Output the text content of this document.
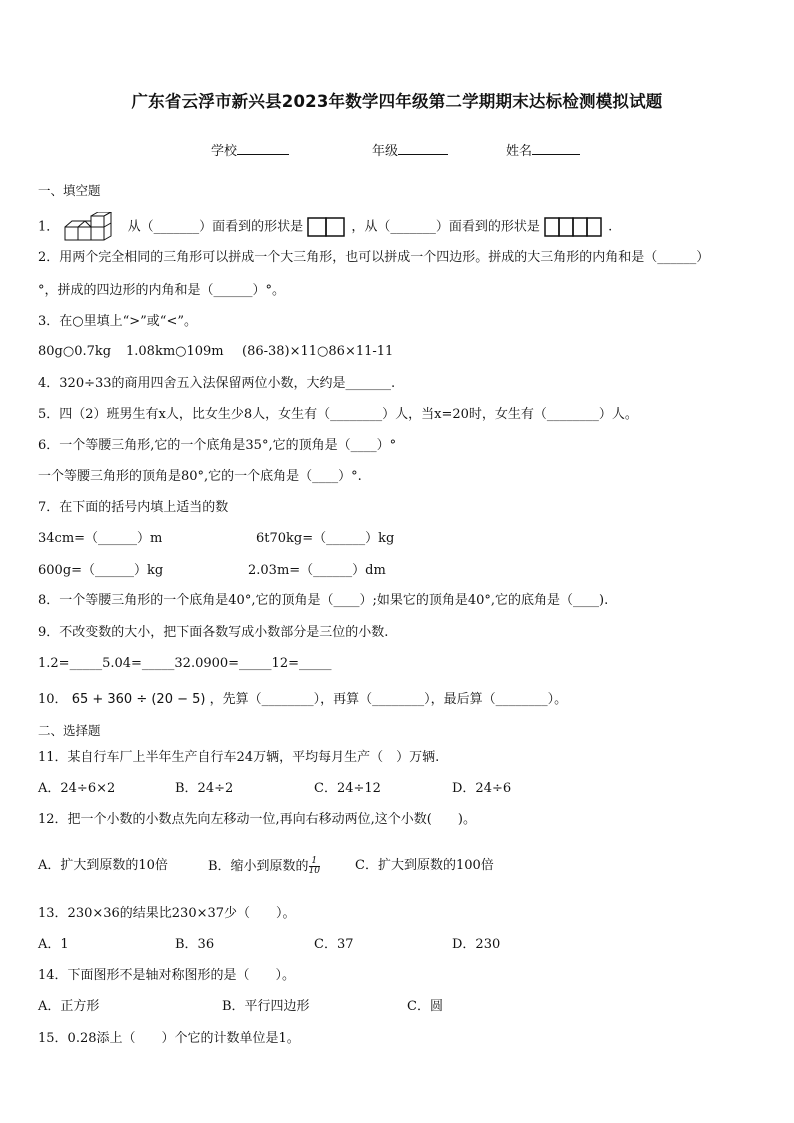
广东省云浮市新兴县2023年数学四年级第二学期期末达标检测模拟试题
学校	年级	姓名
一、填空题
1．	从（_______）面看到的形状是	，从（_______）面看到的形状是	.
2．用两个完全相同的三角形可以拼成一个大三角形，也可以拼成一个四边形。拼成的大三角形的内角和是（______）
°，拼成的四边形的内角和是（______）°。
3．在○里填上“>”或“<”。
80g○0.7kg 1.08km○109m (86-38)×11○86×11-11
4．320÷33的商用四舍五入法保留两位小数，大约是_______.
5．四（2）班男生有x人，比女生少8人，女生有（________）人，当x=20时，女生有（________）人。
6．一个等腰三角形,它的一个底角是35°,它的顶角是（____）°
一个等腰三角形的顶角是80°,它的一个底角是（____）°.
7．在下面的括号内填上适当的数
34cm=（______）m	6t70kg=（______）kg
600g=（______）kg	2.03m=（______）dm
8．一个等腰三角形的一个底角是40°,它的顶角是（____）;如果它的顶角是40°,它的底角是（____).
9．不改变数的大小，把下面各数写成小数部分是三位的小数.
1.2=_____5.04=_____32.0900=_____12=_____
10． 65 + 360 ÷ (20 − 5) ，先算（________），再算（________），最后算（________）。
二、选择题
11．某自行车厂上半年生产自行车24万辆，平均每月生产（　）万辆.
A．24÷6×2	B．24÷2	C．24÷12	D．24÷6
12．把一个小数的小数点先向左移动一位,再向右移动两位,这个小数(　　)。
A．扩大到原数的10倍	B．缩小到原数的 $\frac{1}{10}$	C．扩大到原数的100倍
13．230×36的结果比230×37少（　　）。
A．1	B．36	C．37	D．230
14．下面图形不是轴对称图形的是（　　）。
A．正方形	B．平行四边形	C．圆
15．0.28添上（　　）个它的计数单位是1。
